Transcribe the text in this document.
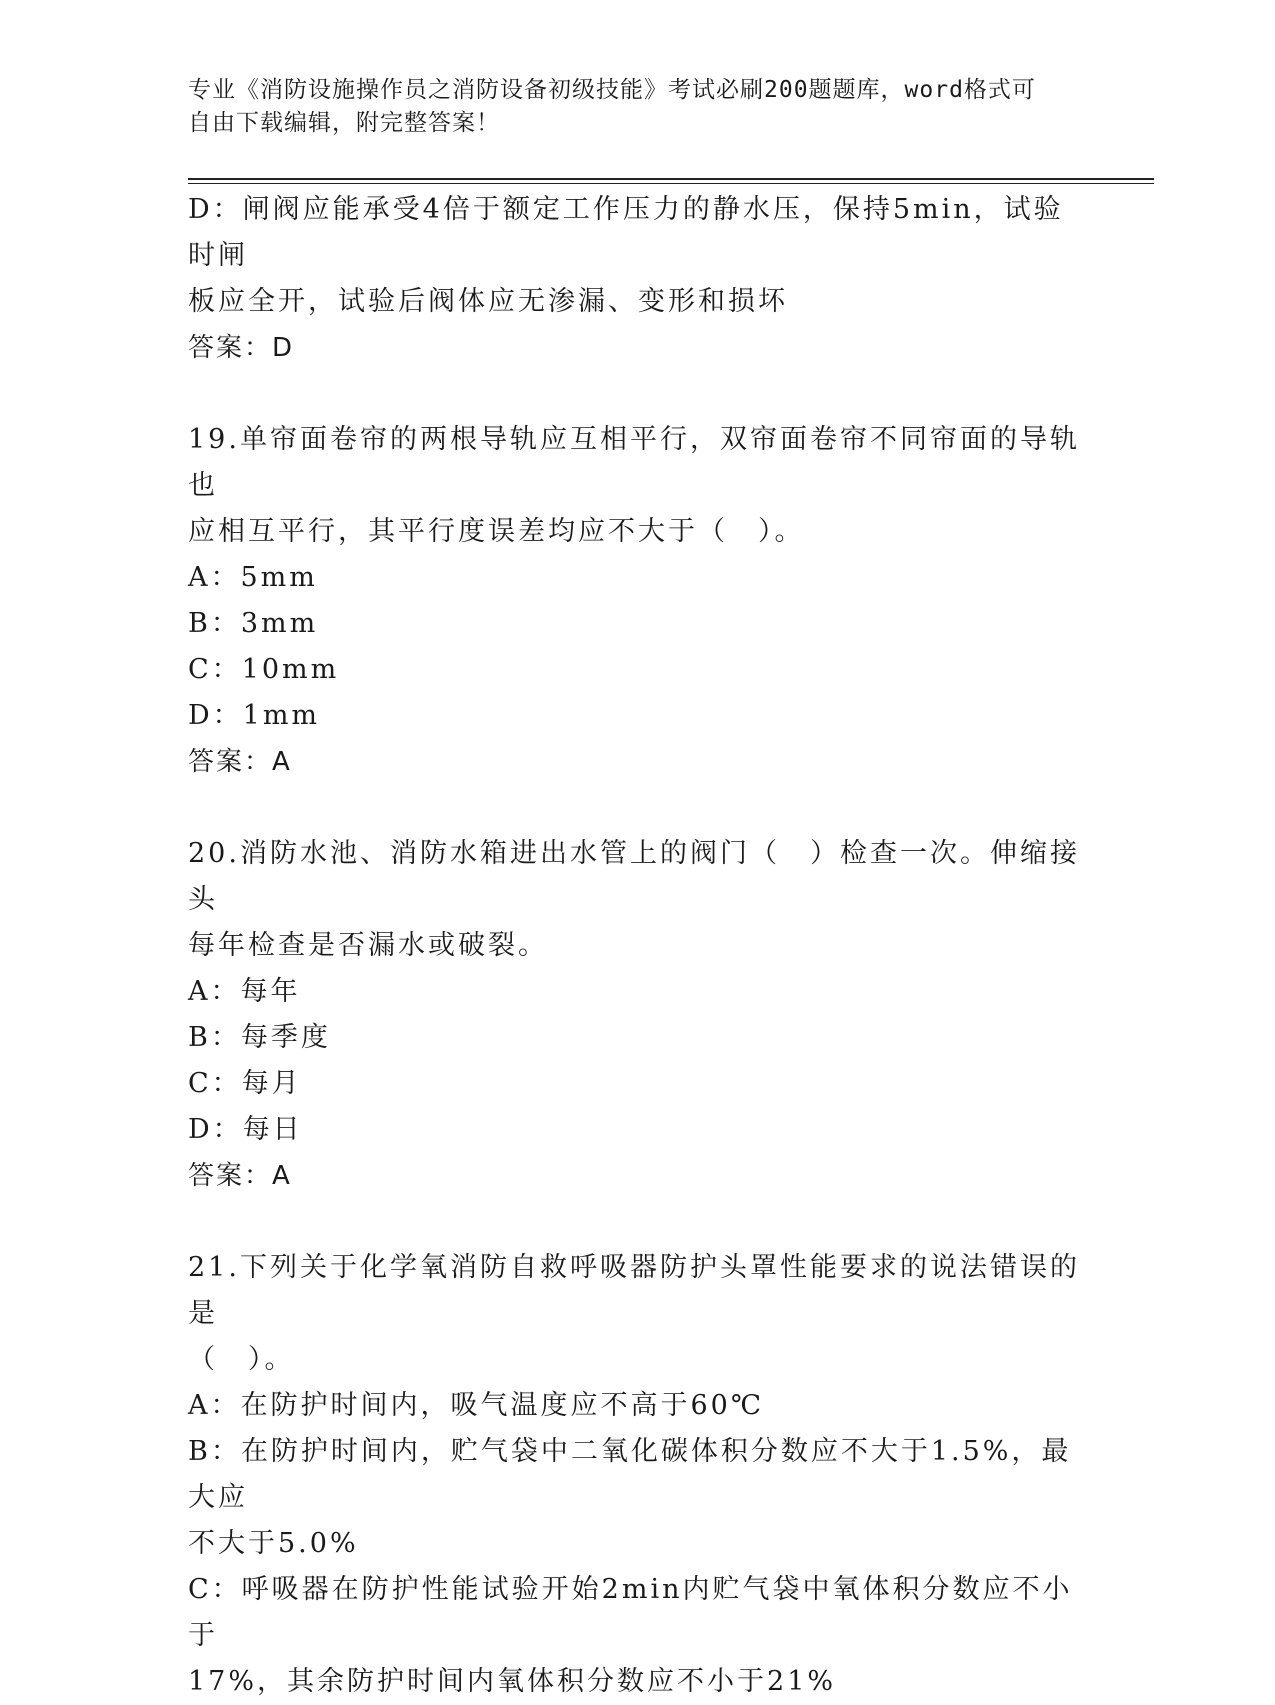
专业《消防设施操作员之消防设备初级技能》考试必刷200题题库，word格式可
自由下载编辑，附完整答案！
D：闸阀应能承受4倍于额定工作压力的静水压，保持5min，试验时闸
板应全开，试验后阀体应无渗漏、变形和损坏
答案：D
19.单帘面卷帘的两根导轨应互相平行，双帘面卷帘不同帘面的导轨也
应相互平行，其平行度误差均应不大于（　）。
A：5mm
B：3mm
C：10mm
D：1mm
答案：A
20.消防水池、消防水箱进出水管上的阀门（　）检查一次。伸缩接头
每年检查是否漏水或破裂。
A：每年
B：每季度
C：每月
D：每日
答案：A
21.下列关于化学氧消防自救呼吸器防护头罩性能要求的说法错误的是
（　）。
A：在防护时间内，吸气温度应不高于60℃
B：在防护时间内，贮气袋中二氧化碳体积分数应不大于1.5%，最大应
不大于5.0%
C：呼吸器在防护性能试验开始2min内贮气袋中氧体积分数应不小于
17%，其余防护时间内氧体积分数应不小于21%
